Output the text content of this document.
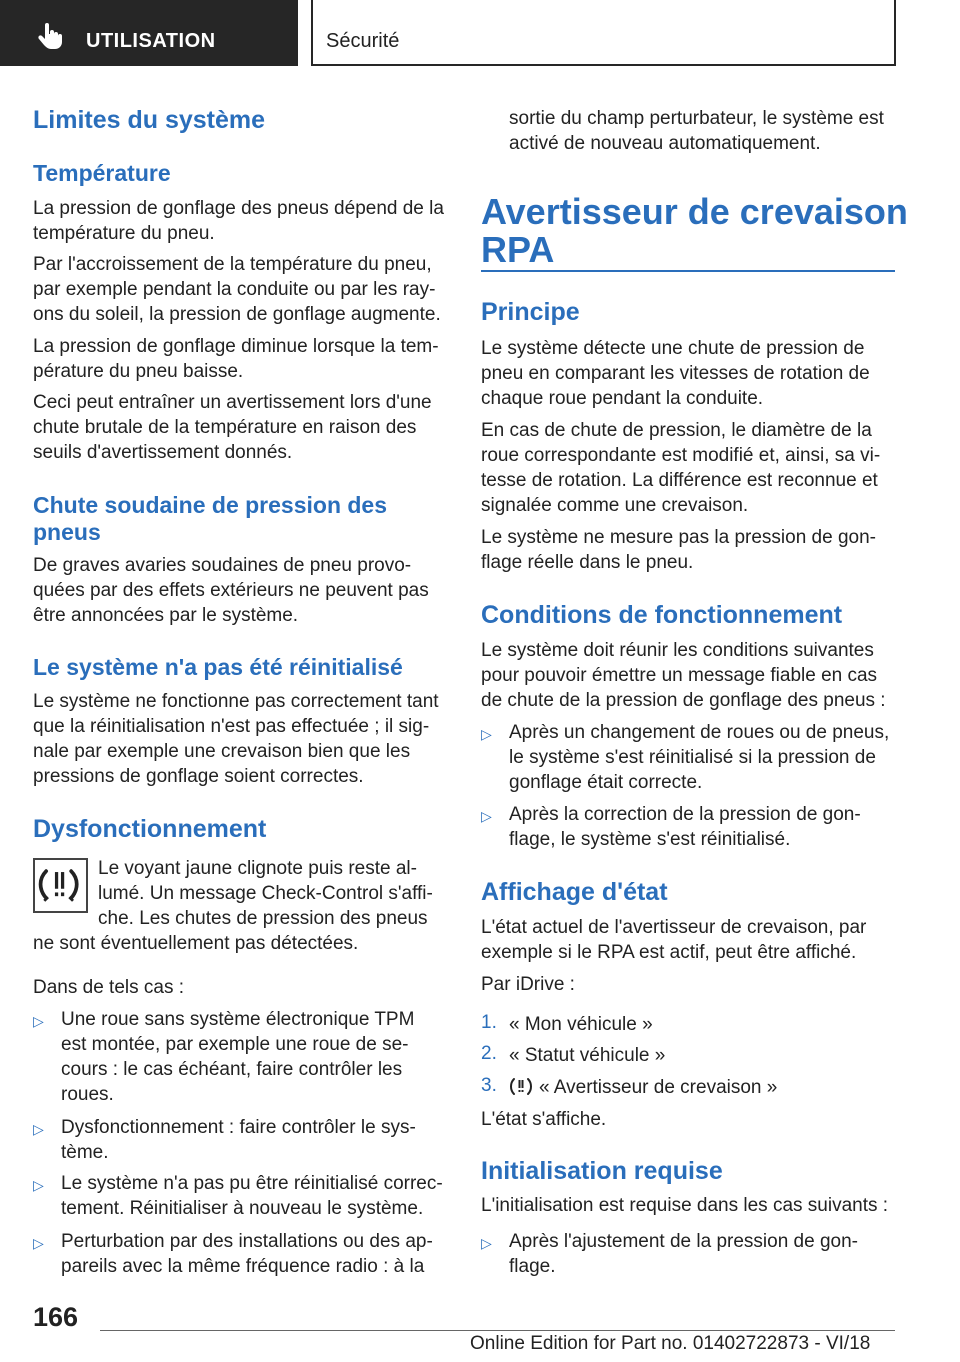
UTILISATION	Sécurité
Limites du système
Température
La pression de gonflage des pneus dépend de la
température du pneu.
Par l'accroissement de la température du pneu,
par exemple pendant la conduite ou par les ray-
ons du soleil, la pression de gonflage augmente.
La pression de gonflage diminue lorsque la tem-
pérature du pneu baisse.
Ceci peut entraîner un avertissement lors d'une
chute brutale de la température en raison des
seuils d'avertissement donnés.
Chute soudaine de pression des
pneus
De graves avaries soudaines de pneu provo-
quées par des effets extérieurs ne peuvent pas
être annoncées par le système.
Le système n'a pas été réinitialisé
Le système ne fonctionne pas correctement tant
que la réinitialisation n'est pas effectuée ; il sig-
nale par exemple une crevaison bien que les
pressions de gonflage soient correctes.
Dysfonctionnement
Le voyant jaune clignote puis reste al-
lumé. Un message Check-Control s'affi-
che. Les chutes de pression des pneus
ne sont éventuellement pas détectées.
Dans de tels cas :
▷ Une roue sans système électronique TPM
est montée, par exemple une roue de se-
cours : le cas échéant, faire contrôler les
roues.
▷ Dysfonctionnement : faire contrôler le sys-
tème.
▷ Le système n'a pas pu être réinitialisé correc-
tement. Réinitialiser à nouveau le système.
▷ Perturbation par des installations ou des ap-
pareils avec la même fréquence radio : à la
sortie du champ perturbateur, le système est
activé de nouveau automatiquement.
Avertisseur de crevaison
RPA
Principe
Le système détecte une chute de pression de
pneu en comparant les vitesses de rotation de
chaque roue pendant la conduite.
En cas de chute de pression, le diamètre de la
roue correspondante est modifié et, ainsi, sa vi-
tesse de rotation. La différence est reconnue et
signalée comme une crevaison.
Le système ne mesure pas la pression de gon-
flage réelle dans le pneu.
Conditions de fonctionnement
Le système doit réunir les conditions suivantes
pour pouvoir émettre un message fiable en cas
de chute de la pression de gonflage des pneus :
▷ Après un changement de roues ou de pneus,
le système s'est réinitialisé si la pression de
gonflage était correcte.
▷ Après la correction de la pression de gon-
flage, le système s'est réinitialisé.
Affichage d'état
L'état actuel de l'avertisseur de crevaison, par
exemple si le RPA est actif, peut être affiché.
Par iDrive :
1. « Mon véhicule »
2. « Statut véhicule »
3. « Avertisseur de crevaison »
L'état s'affiche.
Initialisation requise
L'initialisation est requise dans les cas suivants :
▷ Après l'ajustement de la pression de gon-
flage.
166
Online Edition for Part no. 01402722873 - VI/18
